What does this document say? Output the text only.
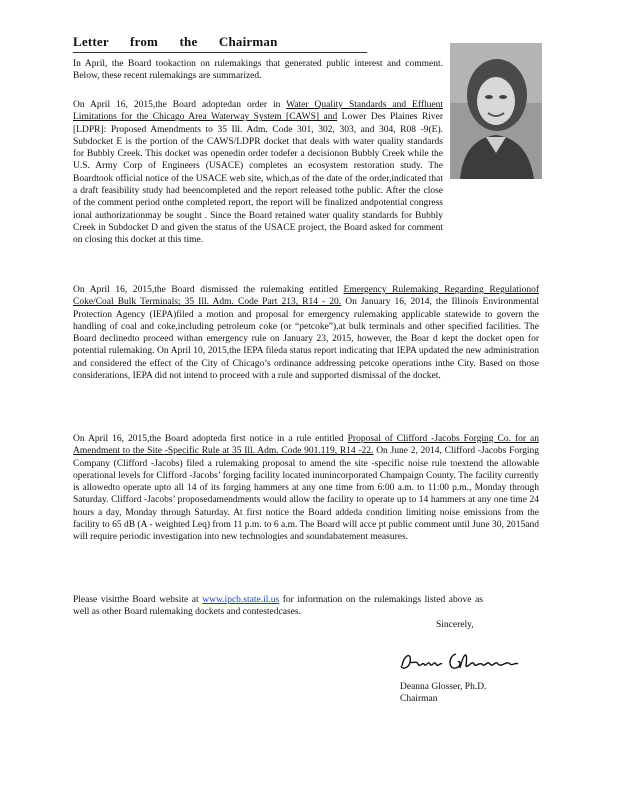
Letter from the Chairman

In April, the Board tookaction on rulemakings that generated public interest and comment. Below, these recent rulemakings are summarized.

On April 16, 2015,the Board adoptedan order in Water Quality Standards and Effluent Limitations for the Chicago Area Waterway System [CAWS] and Lower Des Plaines River [LDPR]: Proposed Amendments to 35 Ill. Adm. Code 301, 302, 303, and 304, R08 -9(E). Subdocket E is the portion of the CAWS/LDPR docket that deals with water quality standards for Bubbly Creek. This docket was openedin order todefer a decisionon Bubbly Creek while the U.S. Army Corp of Engineers (USACE) completes an ecosystem restoration study. The Boardtook official notice of the USACE web site, which,as of the date of the order,indicated that a draft feasibility study had beencompleted and the report released tothe public. After the close of the comment period onthe completed report, the report will be finalized andpotential congress ional authorizationmay be sought . Since the Board retained water quality standards for Bubbly Creek in Subdocket D and given the status of the USACE project, the Board asked for comment on closing this docket at this time.

On April 16, 2015,the Board dismissed the rulemaking entitled Emergency Rulemaking Regarding Regulationof Coke/Coal Bulk Terminals; 35 Ill. Adm. Code Part 213, R14 - 20. On January 16, 2014, the Illinois Environmental Protection Agency (IEPA)filed a motion and proposal for emergency rulemaking applicable statewide to govern the handling of coal and coke,including petroleum coke (or “petcoke”),at bulk terminals and other specified facilities. The Board declinedto proceed withan emergency rule on January 23, 2015, however, the Boar d kept the docket open for potential rulemaking. On April 10, 2015,the IEPA fileda status report indicating that IEPA updated the new administration and considered the effect of the City of Chicago’s ordinance addressing petcoke operations inthe City. Based on those considerations, IEPA did not intend to proceed with a rule and supported dismissal of the docket.

On April 16, 2015,the Board adopteda first notice in a rule entitled Proposal of Clifford -Jacobs Forging Co. for an Amendment to the Site -Specific Rule at 35 Ill. Adm. Code 901.119, R14 -22. On June 2, 2014, Clifford -Jacobs Forging Company (Clifford -Jacobs) filed a rulemaking proposal to amend the site -specific noise rule toextend the allowable operational levels for Clifford -Jacobs’ forging facility located inunincorporated Champaign County. The facility currently is allowedto operate upto all 14 of its forging hammers at any one time from 6:00 a.m. to 11:00 p.m., Monday through Saturday. Clifford -Jacobs’ proposedamendments would allow the facility to operate up to 14 hammers at any one time 24 hours a day, Monday through Saturday. At first notice the Board addeda condition limiting noise emissions from the facility to 65 dB (A - weighted Leq) from 11 p.m. to 6 a.m. The Board will acce pt public comment until June 30, 2015and will require periodic investigation into new technologies and soundabatement measures.

Please visitthe Board website at www.ipcb.state.il.us for information on the rulemakings listed above as well as other Board rulemaking dockets and contestedcases.

Sincerely,
Deanna Glosser, Ph.D.
Chairman
